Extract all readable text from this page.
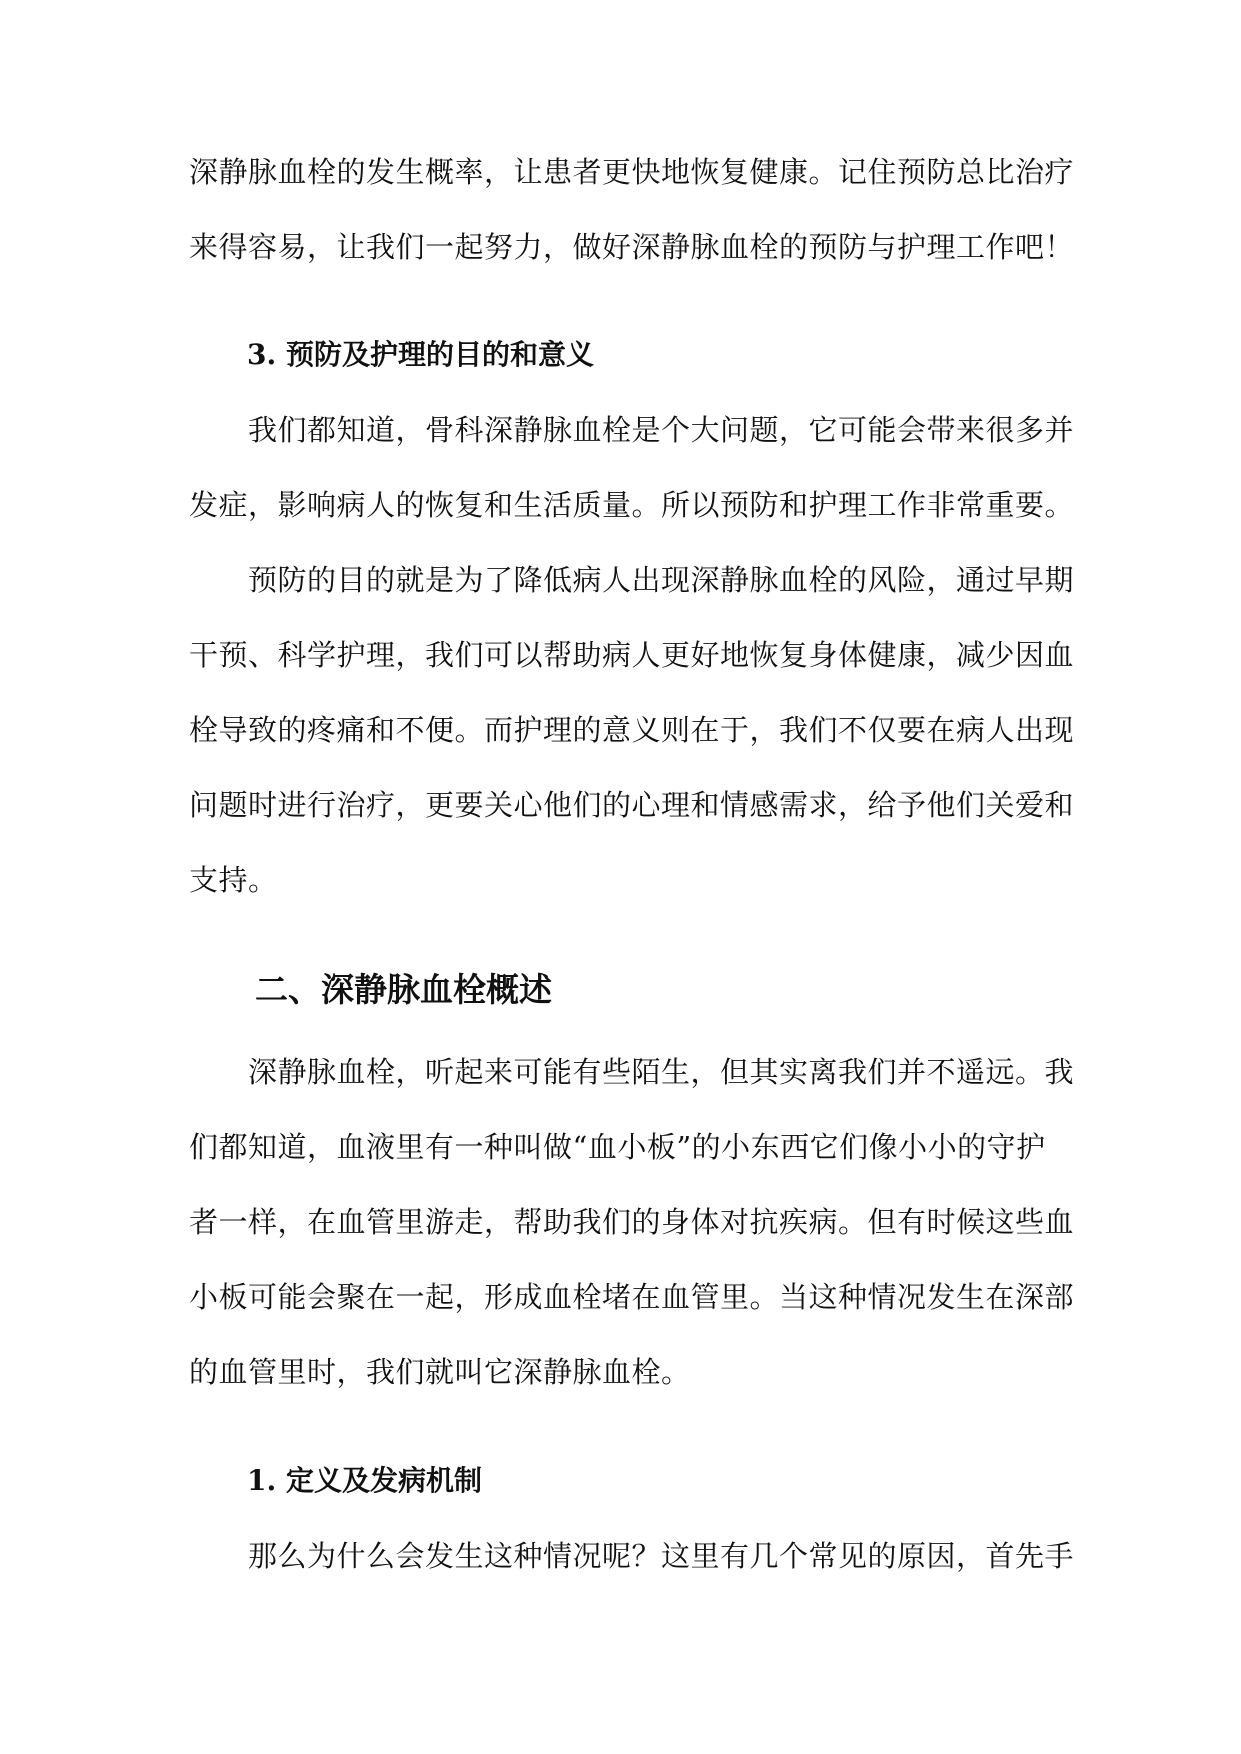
深静脉血栓的发生概率，让患者更快地恢复健康。记住预防总比治疗
来得容易，让我们一起努力，做好深静脉血栓的预防与护理工作吧！
3. 预防及护理的目的和意义
我们都知道，骨科深静脉血栓是个大问题，它可能会带来很多并
发症，影响病人的恢复和生活质量。所以预防和护理工作非常重要。
预防的目的就是为了降低病人出现深静脉血栓的风险，通过早期
干预、科学护理，我们可以帮助病人更好地恢复身体健康，减少因血
栓导致的疼痛和不便。而护理的意义则在于，我们不仅要在病人出现
问题时进行治疗，更要关心他们的心理和情感需求，给予他们关爱和
支持。
二、深静脉血栓概述
深静脉血栓，听起来可能有些陌生，但其实离我们并不遥远。我
们都知道，血液里有一种叫做“血小板”的小东西它们像小小的守护
者一样，在血管里游走，帮助我们的身体对抗疾病。但有时候这些血
小板可能会聚在一起，形成血栓堵在血管里。当这种情况发生在深部
的血管里时，我们就叫它深静脉血栓。
1. 定义及发病机制
那么为什么会发生这种情况呢？这里有几个常见的原因，首先手
